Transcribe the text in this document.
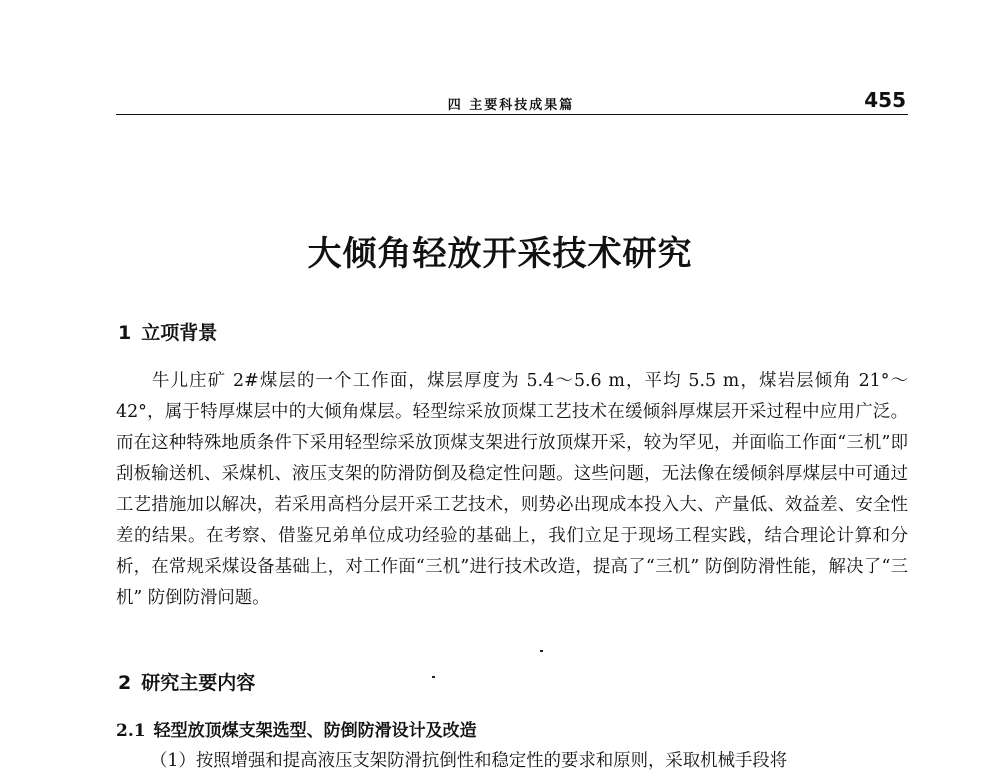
四 主要科技成果篇	455
大倾角轻放开采技术研究
1 立项背景

牛儿庄矿 2#煤层的一个工作面，煤层厚度为 5.4～5.6 m，平均 5.5 m，煤岩层倾角 21°～42°，属于特厚煤层中的大倾角煤层。轻型综采放顶煤工艺技术在缓倾斜厚煤层开采过程中应用广泛。而在这种特殊地质条件下采用轻型综采放顶煤支架进行放顶煤开采，较为罕见，并面临工作面“三机”即刮板输送机、采煤机、液压支架的防滑防倒及稳定性问题。这些问题，无法像在缓倾斜厚煤层中可通过工艺措施加以解决，若采用高档分层开采工艺技术，则势必出现成本投入大、产量低、效益差、安全性差的结果。在考察、借鉴兄弟单位成功经验的基础上，我们立足于现场工程实践，结合理论计算和分析，在常规采煤设备基础上，对工作面“三机”进行技术改造，提高了“三机” 防倒防滑性能，解决了“三机” 防倒防滑问题。

2 研究主要内容
2.1 轻型放顶煤支架选型、防倒防滑设计及改造
（1）按照增强和提高液压支架防滑抗倒性和稳定性的要求和原则，采取机械手段将
